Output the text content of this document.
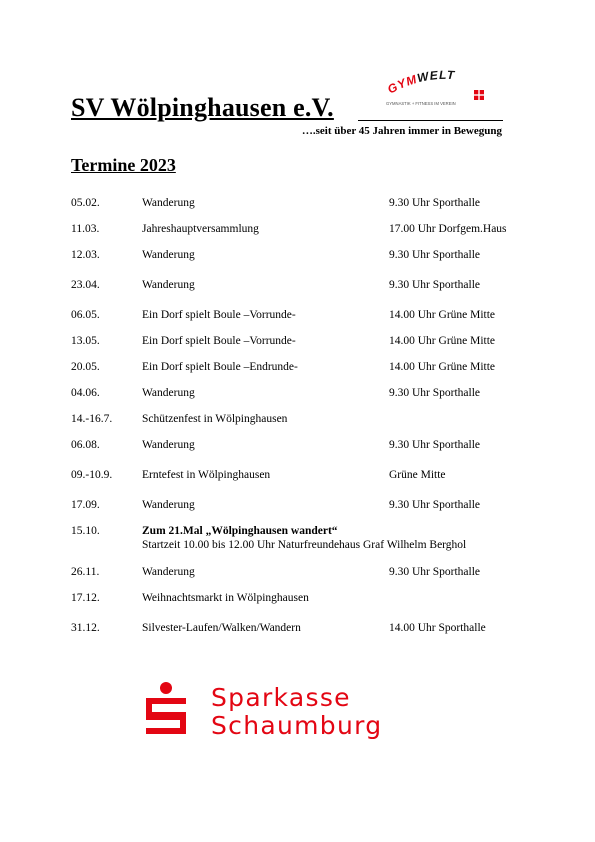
SV Wölpinghausen e.V.
GYMWELT
GYMNASTIK + FITNESS IM VEREIN
….seit über 45 Jahren immer in Bewegung
Termine 2023
05.02.	Wanderung	9.30 Uhr Sporthalle
11.03.	Jahreshauptversammlung	17.00 Uhr Dorfgem.Haus
12.03.	Wanderung	9.30 Uhr Sporthalle
23.04.	Wanderung	9.30 Uhr Sporthalle
06.05.	Ein Dorf spielt Boule –Vorrunde-	14.00 Uhr Grüne Mitte
13.05.	Ein Dorf spielt Boule –Vorrunde-	14.00 Uhr Grüne Mitte
20.05.	Ein Dorf spielt Boule –Endrunde-	14.00 Uhr Grüne Mitte
04.06.	Wanderung	9.30 Uhr Sporthalle
14.-16.7.	Schützenfest in Wölpinghausen
06.08.	Wanderung	9.30 Uhr Sporthalle
09.-10.9.	Erntefest in Wölpinghausen	Grüne Mitte
17.09.	Wanderung	9.30 Uhr Sporthalle
15.10.	Zum 21.Mal „Wölpinghausen wandert“
Startzeit 10.00 bis 12.00 Uhr Naturfreundehaus Graf Wilhelm Berghol
26.11.	Wanderung	9.30 Uhr Sporthalle
17.12.	Weihnachtsmarkt in Wölpinghausen
31.12.	Silvester-Laufen/Walken/Wandern	14.00 Uhr Sporthalle
Sparkasse
Schaumburg
